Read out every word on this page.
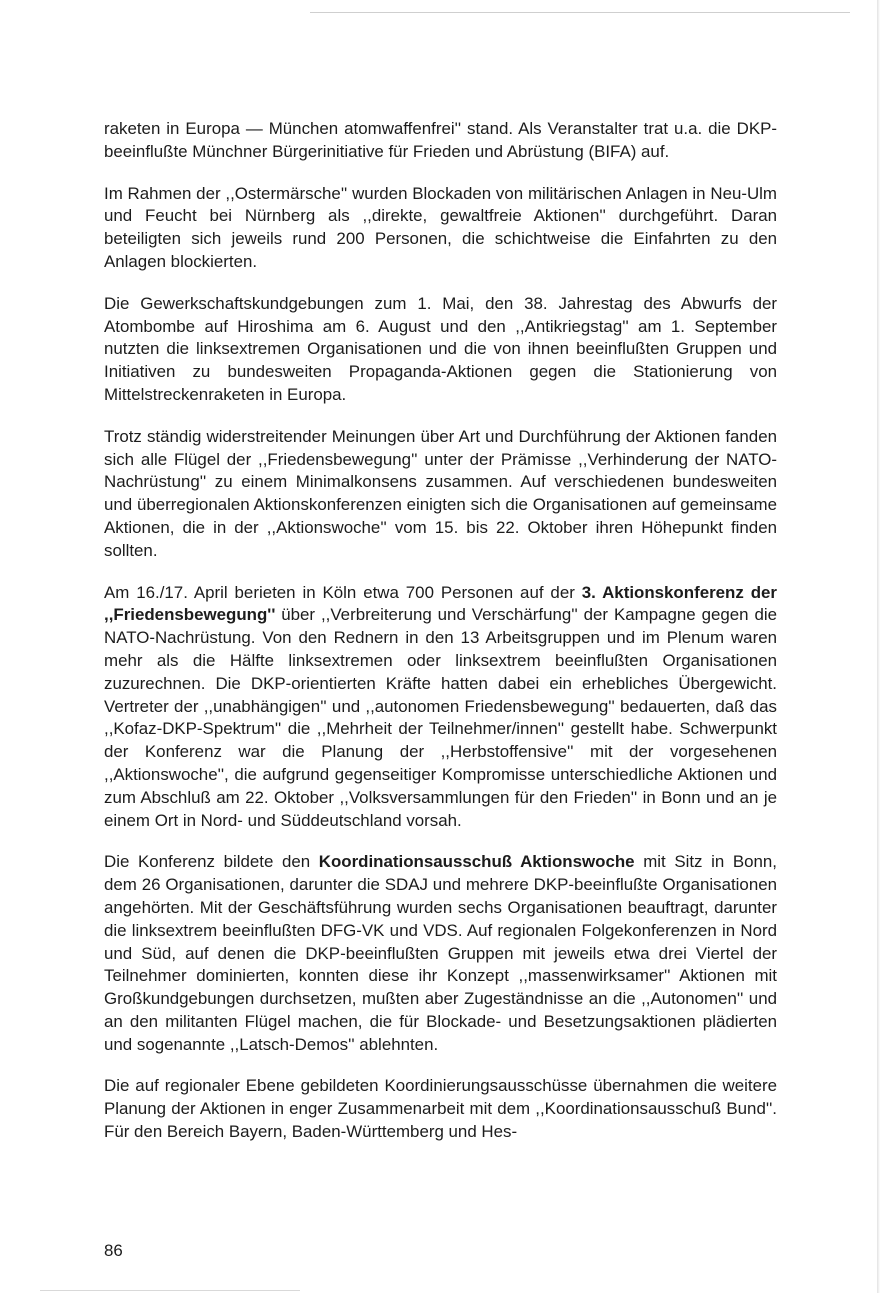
raketen in Europa — München atomwaffenfrei'' stand. Als Veranstalter trat u.a. die DKP-beeinflußte Münchner Bürgerinitiative für Frieden und Abrüstung (BIFA) auf.

Im Rahmen der ,,Ostermärsche'' wurden Blockaden von militärischen Anlagen in Neu-Ulm und Feucht bei Nürnberg als ,,direkte, gewaltfreie Aktionen'' durchgeführt. Daran beteiligten sich jeweils rund 200 Personen, die schichtweise die Einfahrten zu den Anlagen blockierten.

Die Gewerkschaftskundgebungen zum 1. Mai, den 38. Jahrestag des Abwurfs der Atombombe auf Hiroshima am 6. August und den ,,Antikriegstag'' am 1. September nutzten die linksextremen Organisationen und die von ihnen beeinflußten Gruppen und Initiativen zu bundesweiten Propaganda-Aktionen gegen die Stationierung von Mittelstreckenraketen in Europa.

Trotz ständig widerstreitender Meinungen über Art und Durchführung der Aktionen fanden sich alle Flügel der ,,Friedensbewegung'' unter der Prämisse ,,Verhinderung der NATO-Nachrüstung'' zu einem Minimalkonsens zusammen. Auf verschiedenen bundesweiten und überregionalen Aktionskonferenzen einigten sich die Organisationen auf gemeinsame Aktionen, die in der ,,Aktionswoche'' vom 15. bis 22. Oktober ihren Höhepunkt finden sollten.

Am 16./17. April berieten in Köln etwa 700 Personen auf der 3. Aktionskonferenz der ,,Friedensbewegung'' über ,,Verbreiterung und Verschärfung'' der Kampagne gegen die NATO-Nachrüstung. Von den Rednern in den 13 Arbeitsgruppen und im Plenum waren mehr als die Hälfte linksextremen oder linksextrem beeinflußten Organisationen zuzurechnen. Die DKP-orientierten Kräfte hatten dabei ein erhebliches Übergewicht. Vertreter der ,,unabhängigen'' und ,,autonomen Friedensbewegung'' bedauerten, daß das ,,Kofaz-DKP-Spektrum'' die ,,Mehrheit der Teilnehmer/innen'' gestellt habe. Schwerpunkt der Konferenz war die Planung der ,,Herbstoffensive'' mit der vorgesehenen ,,Aktionswoche'', die aufgrund gegenseitiger Kompromisse unterschiedliche Aktionen und zum Abschluß am 22. Oktober ,,Volksversammlungen für den Frieden'' in Bonn und an je einem Ort in Nord- und Süddeutschland vorsah.

Die Konferenz bildete den Koordinationsausschuß Aktionswoche mit Sitz in Bonn, dem 26 Organisationen, darunter die SDAJ und mehrere DKP-beeinflußte Organisationen angehörten. Mit der Geschäftsführung wurden sechs Organisationen beauftragt, darunter die linksextrem beeinflußten DFG-VK und VDS. Auf regionalen Folgekonferenzen in Nord und Süd, auf denen die DKP-beeinflußten Gruppen mit jeweils etwa drei Viertel der Teilnehmer dominierten, konnten diese ihr Konzept ,,massenwirksamer'' Aktionen mit Großkundgebungen durchsetzen, mußten aber Zugeständnisse an die ,,Autonomen'' und an den militanten Flügel machen, die für Blockade- und Besetzungsaktionen plädierten und sogenannte ,,Latsch-Demos'' ablehnten.

Die auf regionaler Ebene gebildeten Koordinierungsausschüsse übernahmen die weitere Planung der Aktionen in enger Zusammenarbeit mit dem ,,Koordinationsausschuß Bund''. Für den Bereich Bayern, Baden-Württemberg und Hes-

86
